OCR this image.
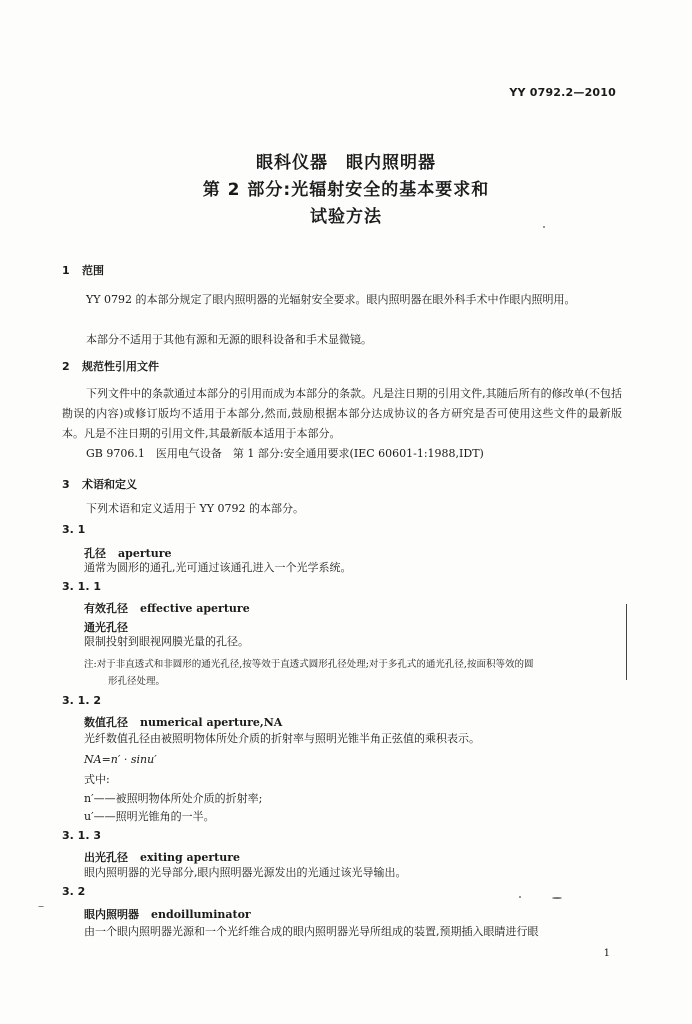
YY 0792.2—2010
眼科仪器　眼内照明器
第 2 部分:光辐射安全的基本要求和
试验方法
1 范围
YY 0792 的本部分规定了眼内照明器的光辐射安全要求。眼内照明器在眼外科手术中作眼内照明用。
本部分不适用于其他有源和无源的眼科设备和手术显微镜。
2 规范性引用文件
下列文件中的条款通过本部分的引用而成为本部分的条款。凡是注日期的引用文件,其随后所有的修改单(不包括勘误的内容)或修订版均不适用于本部分,然而,鼓励根据本部分达成协议的各方研究是否可使用这些文件的最新版本。凡是不注日期的引用文件,其最新版本适用于本部分。
GB 9706.1　医用电气设备　第 1 部分:安全通用要求(IEC 60601-1:1988,IDT)
3 术语和定义
下列术语和定义适用于 YY 0792 的本部分。
3. 1
孔径 aperture
通常为圆形的通孔,光可通过该通孔进入一个光学系统。
3. 1. 1
有效孔径 effective aperture
通光孔径
限制投射到眼视网膜光量的孔径。
注:对于非直透式和非圆形的通光孔径,按等效于直透式圆形孔径处理;对于多孔式的通光孔径,按面积等效的圆
形孔径处理。
3. 1. 2
数值孔径 numerical aperture,NA
光纤数值孔径由被照明物体所处介质的折射率与照明光锥半角正弦值的乘积表示。
NA=n′ · sinu′
式中:
n′——被照明物体所处介质的折射率;
u′——照明光锥角的一半。
3. 1. 3
出光孔径 exiting aperture
眼内照明器的光导部分,眼内照明器光源发出的光通过该光导输出。
3. 2
眼内照明器 endoilluminator
由一个眼内照明器光源和一个光纤维合成的眼内照明器光导所组成的装置,预期插入眼睛进行眼
1
